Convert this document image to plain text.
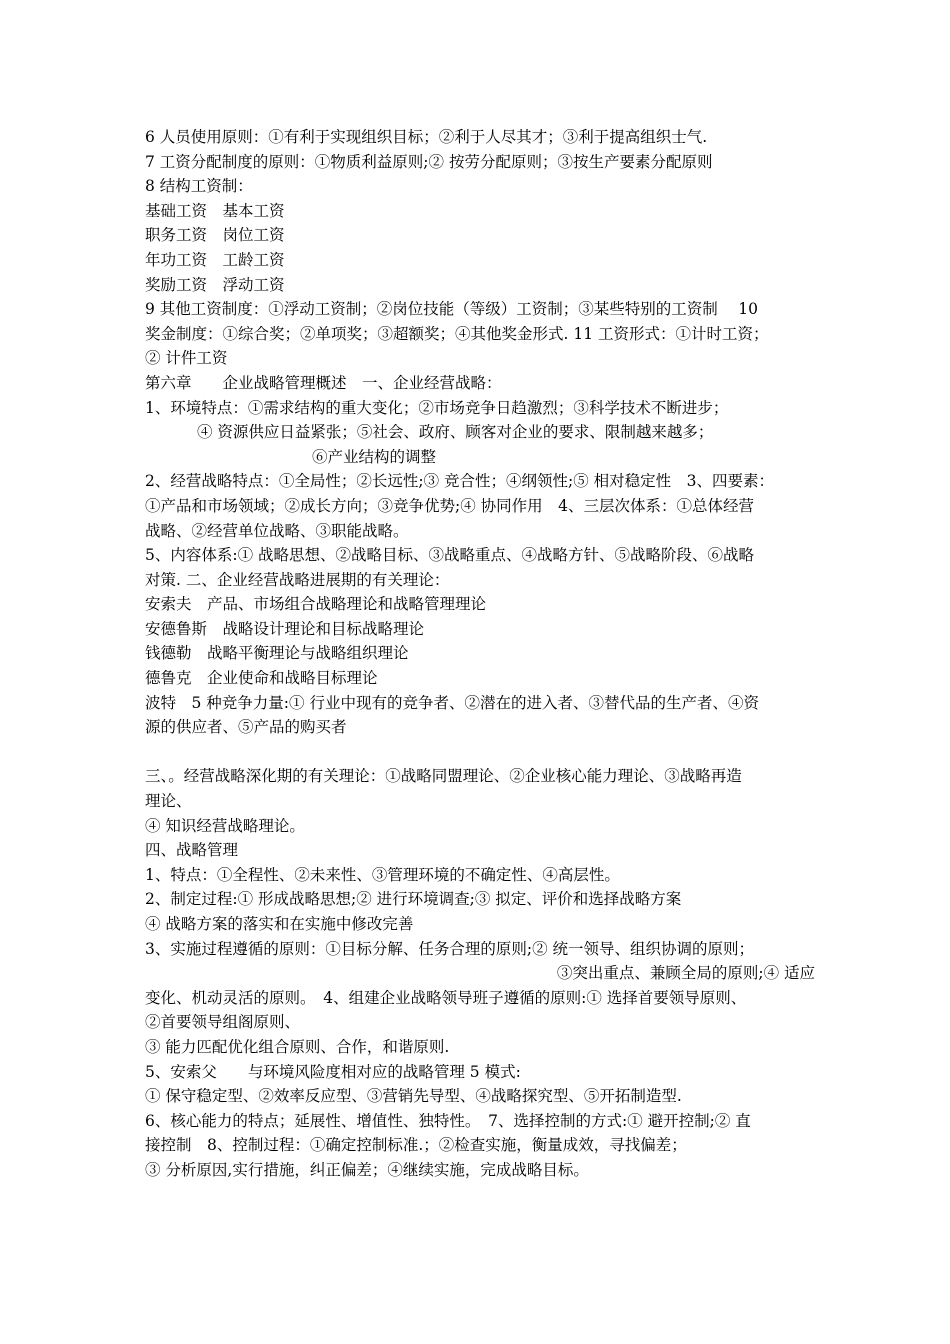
6 人员使用原则：①有利于实现组织目标；②利于人尽其才；③利于提高组织士气.
7 工资分配制度的原则：①物质利益原则;② 按劳分配原则；③按生产要素分配原则
8 结构工资制：
基础工资　基本工资
职务工资　岗位工资
年功工资　工龄工资
奖励工资　浮动工资
9 其他工资制度：①浮动工资制；②岗位技能（等级）工资制；③某些特别的工资制　 10
奖金制度：①综合奖；②单项奖；③超额奖；④其他奖金形式. 11 工资形式：①计时工资；
② 计件工资
第六章　　企业战略管理概述　一、企业经营战略：
1、环境特点：①需求结构的重大变化；②市场竞争日趋激烈；③科学技术不断进步；
④ 资源供应日益紧张；⑤社会、政府、顾客对企业的要求、限制越来越多；
⑥产业结构的调整
2、经营战略特点：①全局性；②长远性;③ 竞合性；④纲领性;⑤ 相对稳定性　3、四要素：
①产品和市场领域；②成长方向；③竞争优势;④ 协同作用　4、三层次体系：①总体经营
战略、②经营单位战略、③职能战略。
5、内容体系:① 战略思想、②战略目标、③战略重点、④战略方针、⑤战略阶段、⑥战略
对策. 二、企业经营战略进展期的有关理论：
安索夫　产品、市场组合战略理论和战略管理理论
安德鲁斯　战略设计理论和目标战略理论
钱德勒　战略平衡理论与战略组织理论
德鲁克　企业使命和战略目标理论
波特　5 种竞争力量:① 行业中现有的竞争者、②潜在的进入者、③替代品的生产者、④资
源的供应者、⑤产品的购买者
三、。经营战略深化期的有关理论：①战略同盟理论、②企业核心能力理论、③战略再造
理论、
④ 知识经营战略理论。
四、战略管理
1、特点：①全程性、②未来性、③管理环境的不确定性、④高层性。
2、制定过程:① 形成战略思想;② 进行环境调查;③ 拟定、评价和选择战略方案
④ 战略方案的落实和在实施中修改完善
3、实施过程遵循的原则：①目标分解、任务合理的原则;② 统一领导、组织协调的原则；
③突出重点、兼顾全局的原则;④ 适应
变化、机动灵活的原则。　4、组建企业战略领导班子遵循的原则:① 选择首要领导原则、
②首要领导组阁原则、
③ 能力匹配优化组合原则、合作，和谐原则.
5、安索父　　与环境风险度相对应的战略管理 5 模式:
① 保守稳定型、②效率反应型、③营销先导型、④战略探究型、⑤开拓制造型.
6、核心能力的特点；延展性、增值性、独特性。　7、选择控制的方式:① 避开控制;② 直
接控制　8、控制过程：①确定控制标准.；②检查实施，衡量成效，寻找偏差；
③ 分析原因,实行措施，纠正偏差；④继续实施，完成战略目标。
